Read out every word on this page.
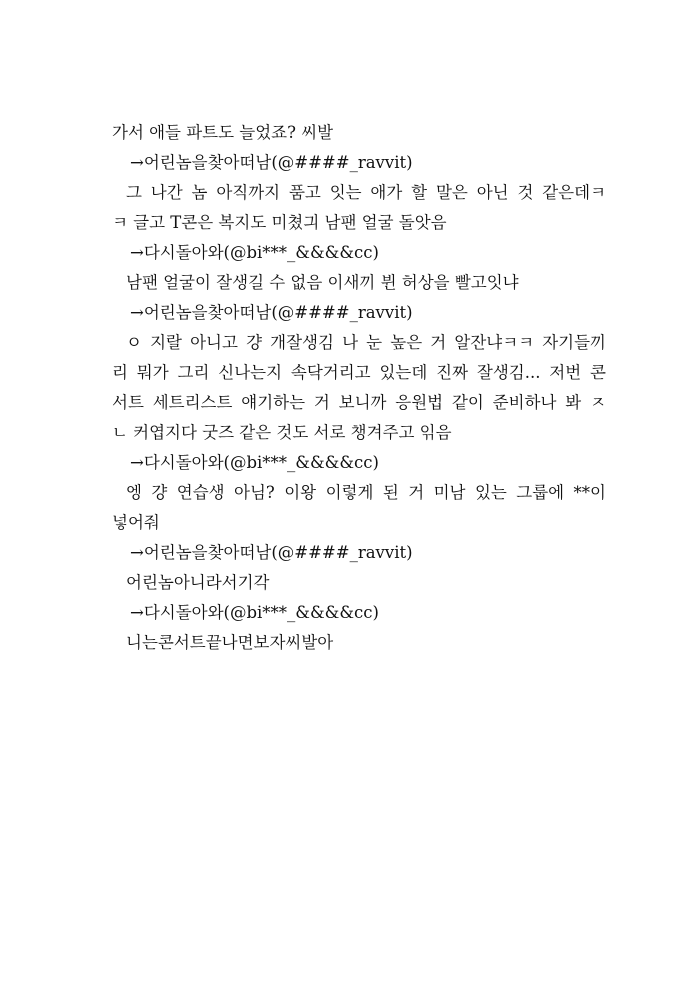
가서 애들 파트도 늘었죠? 씨발
→어린놈을찾아떠남(@####_ravvit)
그 나간 놈 아직까지 품고 잇는 애가 할 말은 아닌 것 같은데ㅋ
ㅋ 글고 T콘은 복지도 미쳤긔 남팬 얼굴 돌앗음
→다시돌아와(@bi***_&&&&cc)
남팬 얼굴이 잘생길 수 없음 이새끼 뷘 허상을 빨고잇냐
→어린놈을찾아떠남(@####_ravvit)
ㅇ 지랄 아니고 걍 개잘생김 나 눈 높은 거 알잔냐ㅋㅋ 자기들끼
리 뭐가 그리 신나는지 속닥거리고 있는데 진짜 잘생김... 저번 콘
서트 세트리스트 얘기하는 거 보니까 응원법 같이 준비하나 봐 ㅈ
ㄴ 커엽지다 굿즈 같은 것도 서로 챙겨주고 읶음
→다시돌아와(@bi***_&&&&cc)
엥 걍 연습생 아님? 이왕 이렇게 된 거 미남 있는 그룹에 **이
넣어줘
→어린놈을찾아떠남(@####_ravvit)
어린놈아니라서기각
→다시돌아와(@bi***_&&&&cc)
니는콘서트끝나면보자씨발아
